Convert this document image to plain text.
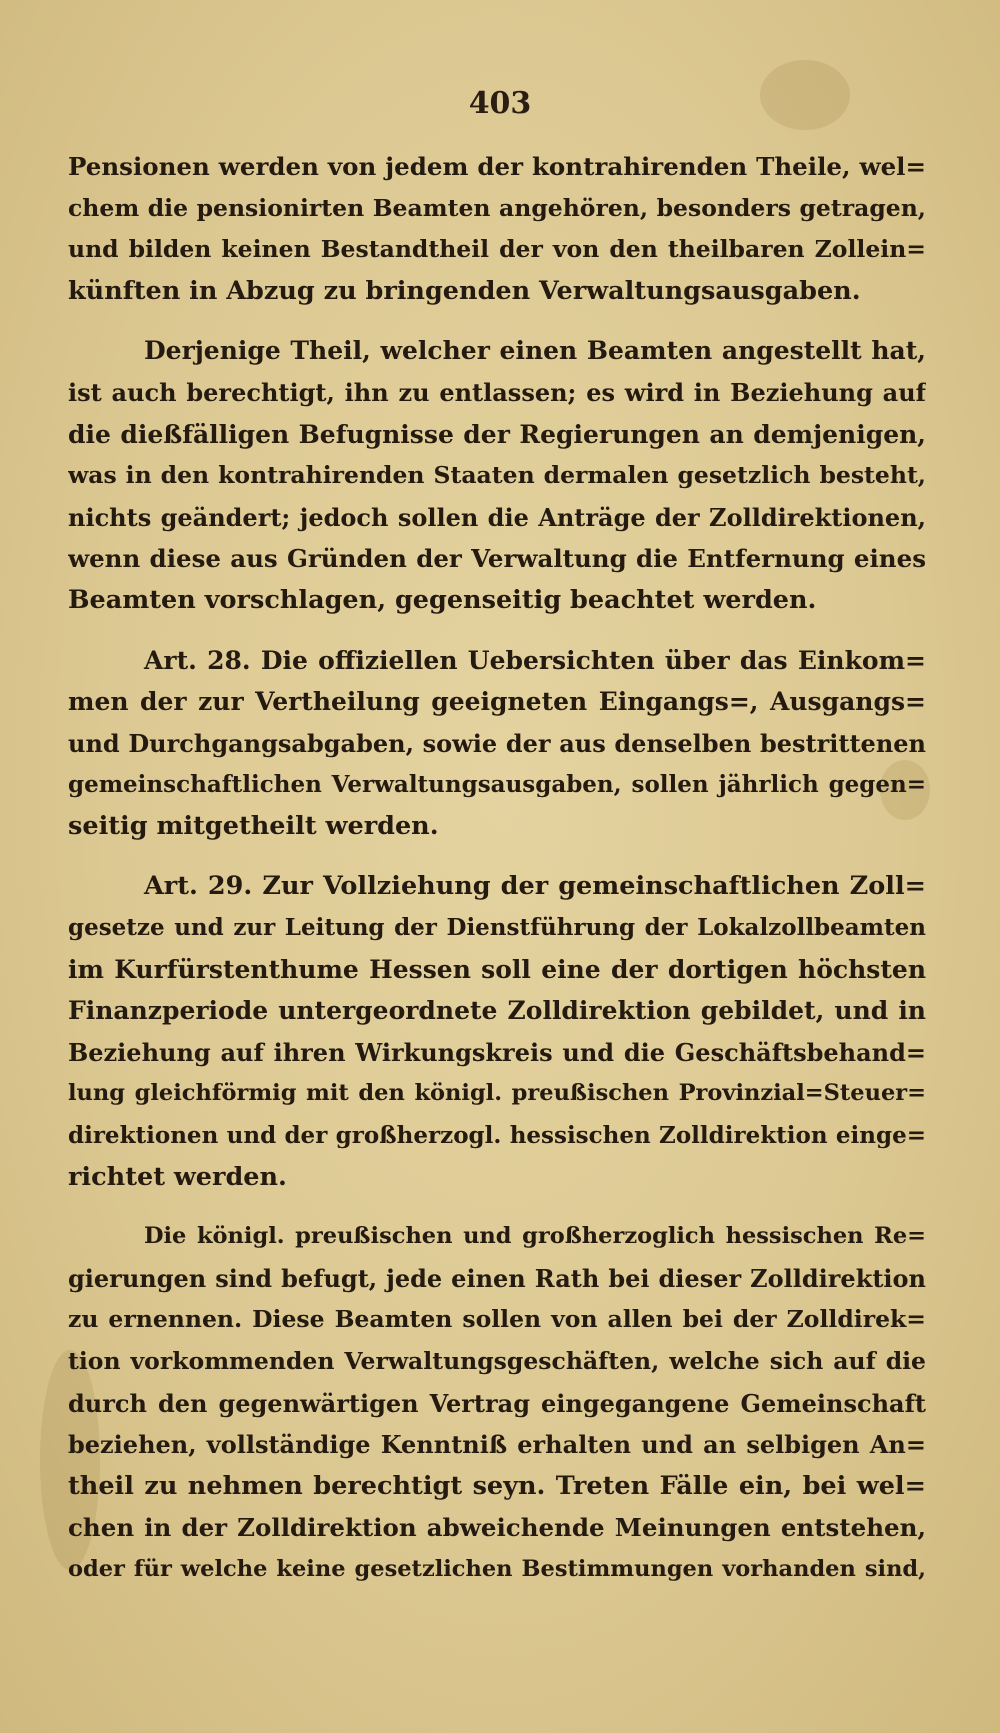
403
Pensionen werden von jedem der kontrahirenden Theile, wel=
chem die pensionirten Beamten angehören, besonders getragen,
und bilden keinen Bestandtheil der von den theilbaren Zollein=
künften in Abzug zu bringenden Verwaltungsausgaben.
Derjenige Theil, welcher einen Beamten angestellt hat,
ist auch berechtigt, ihn zu entlassen; es wird in Beziehung auf
die dießfälligen Befugnisse der Regierungen an demjenigen,
was in den kontrahirenden Staaten dermalen gesetzlich besteht,
nichts geändert; jedoch sollen die Anträge der Zolldirektionen,
wenn diese aus Gründen der Verwaltung die Entfernung eines
Beamten vorschlagen, gegenseitig beachtet werden.
Art. 28. Die offiziellen Uebersichten über das Einkom=
men der zur Vertheilung geeigneten Eingangs=, Ausgangs=
und Durchgangsabgaben, sowie der aus denselben bestrittenen
gemeinschaftlichen Verwaltungsausgaben, sollen jährlich gegen=
seitig mitgetheilt werden.
Art. 29. Zur Vollziehung der gemeinschaftlichen Zoll=
gesetze und zur Leitung der Dienstführung der Lokalzollbeamten
im Kurfürstenthume Hessen soll eine der dortigen höchsten
Finanzperiode untergeordnete Zolldirektion gebildet, und in
Beziehung auf ihren Wirkungskreis und die Geschäftsbehand=
lung gleichförmig mit den königl. preußischen Provinzial=Steuer=
direktionen und der großherzogl. hessischen Zolldirektion einge=
richtet werden.
Die königl. preußischen und großherzoglich hessischen Re=
gierungen sind befugt, jede einen Rath bei dieser Zolldirektion
zu ernennen. Diese Beamten sollen von allen bei der Zolldirek=
tion vorkommenden Verwaltungsgeschäften, welche sich auf die
durch den gegenwärtigen Vertrag eingegangene Gemeinschaft
beziehen, vollständige Kenntniß erhalten und an selbigen An=
theil zu nehmen berechtigt seyn. Treten Fälle ein, bei wel=
chen in der Zolldirektion abweichende Meinungen entstehen,
oder für welche keine gesetzlichen Bestimmungen vorhanden sind,
